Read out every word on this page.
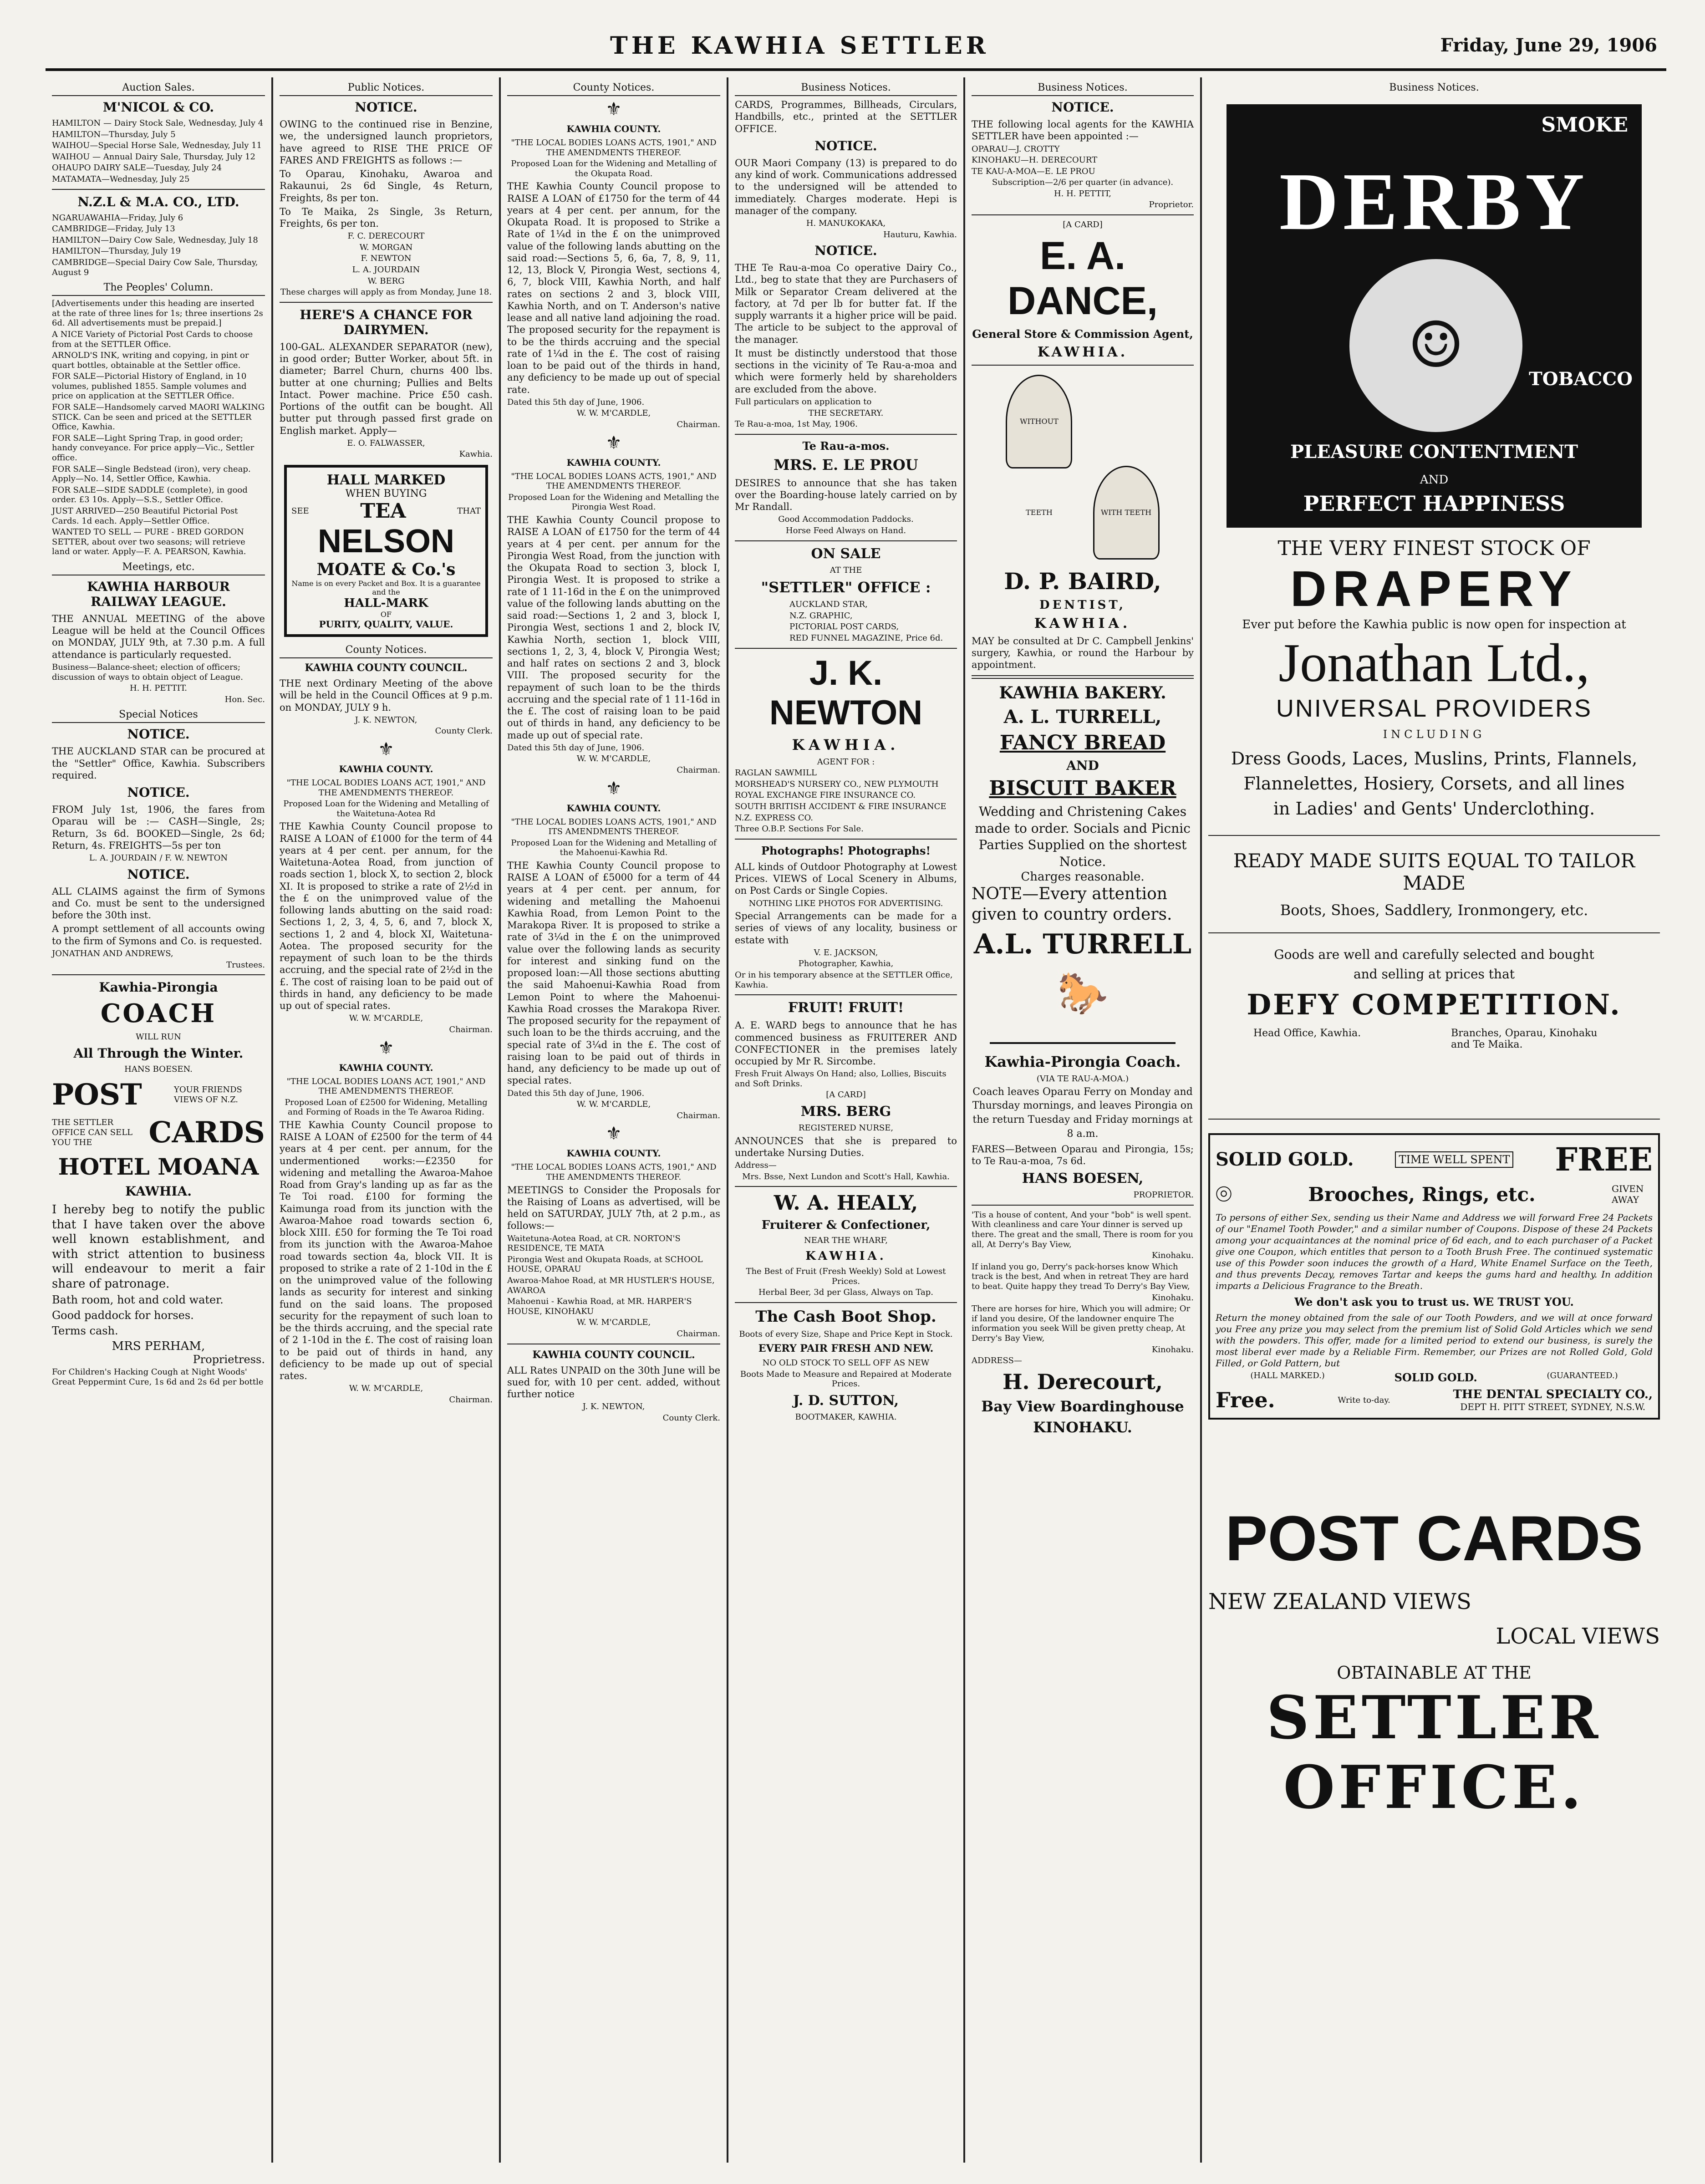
THE KAWHIA SETTLER	Friday, June 29, 1906
Auction Sales.
M'NICOL & CO.
HAMILTON — Dairy Stock Sale, Wednesday, July 4
HAMILTON—Thursday, July 5
WAIHOU—Special Horse Sale, Wednesday, July 11
WAIHOU — Annual Dairy Sale, Thursday, July 12
OHAUPO DAIRY SALE—Tuesday, July 24
MATAMATA—Wednesday, July 25
N.Z.L & M.A. CO., LTD.
NGARUAWAHIA—Friday, July 6
CAMBRIDGE—Friday, July 13
HAMILTON—Dairy Cow Sale, Wednesday, July 18
HAMILTON—Thursday, July 19
CAMBRIDGE—Special Dairy Cow Sale, Thursday, August 9
The Peoples' Column.
[Advertisements under this heading are inserted at the rate of three lines for 1s; three insertions 2s 6d. All advertisements must be prepaid.]
A NICE Variety of Pictorial Post Cards to choose from at the SETTLER Office.
ARNOLD'S INK, writing and copying, in pint or quart bottles, obtainable at the Settler office.
FOR SALE—Pictorial History of England, in 10 volumes, published 1855. Sample volumes and price on application at the SETTLER Office.
FOR SALE—Handsomely carved MAORI WALKING STICK. Can be seen and priced at the SETTLER Office, Kawhia.
FOR SALE—Light Spring Trap, in good order; handy conveyance. For price apply—Vic., Settler office.
FOR SALE—Single Bedstead (iron), very cheap. Apply—No. 14, Settler Office, Kawhia.
FOR SALE—SIDE SADDLE (complete), in good order. £3 10s. Apply—S.S., Settler Office.
JUST ARRIVED—250 Beautiful Pictorial Post Cards. 1d each. Apply—Settler Office.
WANTED TO SELL — PURE - BRED GORDON SETTER, about over two seasons; will retrieve land or water. Apply—F. A. PEARSON, Kawhia.
Meetings, etc.
KAWHIA HARBOUR RAILWAY LEAGUE.
THE ANNUAL MEETING of the above League will be held at the Council Offices on MONDAY, JULY 9th, at 7.30 p.m. A full attendance is particularly requested.
Business—Balance-sheet; election of officers; discussion of ways to obtain object of League.
H. H. PETTIT.
Hon. Sec.
Special Notices
NOTICE.
THE AUCKLAND STAR can be procured at the "Settler" Office, Kawhia. Subscribers required.
NOTICE.
FROM July 1st, 1906, the fares from Oparau will be :— CASH—Single, 2s; Return, 3s 6d. BOOKED—Single, 2s 6d; Return, 4s. FREIGHTS—5s per ton
L. A. JOURDAIN / F. W. NEWTON
NOTICE.
ALL CLAIMS against the firm of Symons and Co. must be sent to the undersigned before the 30th inst.
A prompt settlement of all accounts owing to the firm of Symons and Co. is requested.
JONATHAN AND ANDREWS,
Trustees.
Kawhia-Pirongia
COACH
WILL RUN
All Through the Winter.
HANS BOESEN.
POST	YOUR FRIENDS VIEWS OF N.Z.
THE SETTLER OFFICE CAN SELL YOU THE	CARDS
HOTEL MOANA
KAWHIA.
I hereby beg to notify the public that I have taken over the above well known establishment, and with strict attention to business will endeavour to merit a fair share of patronage.
Bath room, hot and cold water.
Good paddock for horses.
Terms cash.
MRS PERHAM,
Proprietress.
For Children's Hacking Cough at Night Woods' Great Peppermint Cure, 1s 6d and 2s 6d per bottle
Public Notices.
NOTICE.
OWING to the continued rise in Benzine, we, the undersigned launch proprietors, have agreed to RISE THE PRICE OF FARES AND FREIGHTS as follows :—
To Oparau, Kinohaku, Awaroa and Rakaunui, 2s 6d Single, 4s Return, Freights, 8s per ton.
To Te Maika, 2s Single, 3s Return, Freights, 6s per ton.
F. C. DERECOURT
W. MORGAN
F. NEWTON
L. A. JOURDAIN
W. BERG
These charges will apply as from Monday, June 18.
HERE'S A CHANCE FOR DAIRYMEN.
100-GAL. ALEXANDER SEPARATOR (new), in good order; Butter Worker, about 5ft. in diameter; Barrel Churn, churns 400 lbs. butter at one churning; Pullies and Belts Intact. Power machine. Price £50 cash. Portions of the outfit can be bought. All butter put through passed first grade on English market. Apply—
E. O. FALWASSER,
Kawhia.
HALL MARKED
WHEN BUYING
SEE	TEA	THAT
NELSON
MOATE & Co.'s
Name is on every Packet and Box. It is a guarantee and the
HALL-MARK
OF
PURITY, QUALITY, VALUE.
County Notices.
KAWHIA COUNTY COUNCIL.
THE next Ordinary Meeting of the above will be held in the Council Offices at 9 p.m. on MONDAY, JULY 9 h.
J. K. NEWTON,
County Clerk.
⚜
KAWHIA COUNTY.
"THE LOCAL BODIES LOANS ACT, 1901," AND THE AMENDMENTS THEREOF.
Proposed Loan for the Widening and Metalling of the Waitetuna-Aotea Rd
THE Kawhia County Council propose to RAISE A LOAN of £1000 for the term of 44 years at 4 per cent. per annum, for the Waitetuna-Aotea Road, from junction of roads section 1, block X, to section 2, block XI. It is proposed to strike a rate of 2½d in the £ on the unimproved value of the following lands abutting on the said road: Sections 1, 2, 3, 4, 5, 6, and 7, block X, sections 1, 2 and 4, block XI, Waitetuna-Aotea. The proposed security for the repayment of such loan to be the thirds accruing, and the special rate of 2½d in the £. The cost of raising loan to be paid out of thirds in hand, any deficiency to be made up out of special rates.
W. W. M'CARDLE,
Chairman.
⚜
KAWHIA COUNTY.
"THE LOCAL BODIES LOANS ACT, 1901," AND THE AMENDMENTS THEREOF.
Proposed Loan of £2500 for Widening, Metalling and Forming of Roads in the Te Awaroa Riding.
THE Kawhia County Council propose to RAISE A LOAN of £2500 for the term of 44 years at 4 per cent. per annum, for the undermentioned works:—£2350 for widening and metalling the Awaroa-Mahoe Road from Gray's landing up as far as the Te Toi road. £100 for forming the Kaimunga road from its junction with the Awaroa-Mahoe road towards section 6, block XIII. £50 for forming the Te Toi road from its junction with the Awaroa-Mahoe road towards section 4a, block VII. It is proposed to strike a rate of 2 1-10d in the £ on the unimproved value of the following lands as security for interest and sinking fund on the said loans. The proposed security for the repayment of such loan to be the thirds accruing, and the special rate of 2 1-10d in the £. The cost of raising loan to be paid out of thirds in hand, any deficiency to be made up out of special rates.
W. W. M'CARDLE,
Chairman.
County Notices.
⚜
KAWHIA COUNTY.
"THE LOCAL BODIES LOANS ACTS, 1901," AND THE AMENDMENTS THEREOF.
Proposed Loan for the Widening and Metalling of the Okupata Road.
THE Kawhia County Council propose to RAISE A LOAN of £1750 for the term of 44 years at 4 per cent. per annum, for the Okupata Road. It is proposed to Strike a Rate of 1¼d in the £ on the unimproved value of the following lands abutting on the said road:—Sections 5, 6, 6a, 7, 8, 9, 11, 12, 13, Block V, Pirongia West, sections 4, 6, 7, block VIII, Kawhia North, and half rates on sections 2 and 3, block VIII, Kawhia North, and on T. Anderson's native lease and all native land adjoining the road. The proposed security for the repayment is to be the thirds accruing and the special rate of 1¼d in the £. The cost of raising loan to be paid out of the thirds in hand, any deficiency to be made up out of special rate.
Dated this 5th day of June, 1906.
W. W. M'CARDLE,
Chairman.
⚜
KAWHIA COUNTY.
"THE LOCAL BODIES LOANS ACTS, 1901," AND THE AMENDMENTS THEREOF.
Proposed Loan for the Widening and Metalling the Pirongia West Road.
THE Kawhia County Council propose to RAISE A LOAN of £1750 for the term of 44 years at 4 per cent. per annum for the Pirongia West Road, from the junction with the Okupata Road to section 3, block I, Pirongia West. It is proposed to strike a rate of 1 11-16d in the £ on the unimproved value of the following lands abutting on the said road:—Sections 1, 2 and 3, block I, Pirongia West, sections 1 and 2, block IV, Kawhia North, section 1, block VIII, sections 1, 2, 3, 4, block V, Pirongia West; and half rates on sections 2 and 3, block VIII. The proposed security for the repayment of such loan to be the thirds accruing and the special rate of 1 11-16d in the £. The cost of raising loan to be paid out of thirds in hand, any deficiency to be made up out of special rate.
Dated this 5th day of June, 1906.
W. W. M'CARDLE,
Chairman.
⚜
KAWHIA COUNTY.
"THE LOCAL BODIES LOANS ACTS, 1901," AND ITS AMENDMENTS THEREOF.
Proposed Loan for the Widening and Metalling of the Mahoenui-Kawhia Rd.
THE Kawhia County Council propose to RAISE A LOAN of £5000 for a term of 44 years at 4 per cent. per annum, for widening and metalling the Mahoenui Kawhia Road, from Lemon Point to the Marakopa River. It is proposed to strike a rate of 3¼d in the £ on the unimproved value over the following lands as security for interest and sinking fund on the proposed loan:—All those sections abutting the said Mahoenui-Kawhia Road from Lemon Point to where the Mahoenui-Kawhia Road crosses the Marakopa River. The proposed security for the repayment of such loan to be the thirds accruing, and the special rate of 3¼d in the £. The cost of raising loan to be paid out of thirds in hand, any deficiency to be made up out of special rates.
Dated this 5th day of June, 1906.
W. W. M'CARDLE,
Chairman.
⚜
KAWHIA COUNTY.
"THE LOCAL BODIES LOANS ACTS, 1901," AND THE AMENDMENTS THEREOF.
MEETINGS to Consider the Proposals for the Raising of Loans as advertised, will be held on SATURDAY, JULY 7th, at 2 p.m., as follows:—
Waitetuna-Aotea Road, at CR. NORTON'S RESIDENCE, TE MATA
Pirongia West and Okupata Roads, at SCHOOL HOUSE, OPARAU
Awaroa-Mahoe Road, at MR HUSTLER'S HOUSE, AWAROA
Mahoenui - Kawhia Road, at MR. HARPER'S HOUSE, KINOHAKU
W. W. M'CARDLE,
Chairman.
KAWHIA COUNTY COUNCIL.
ALL Rates UNPAID on the 30th June will be sued for, with 10 per cent. added, without further notice
J. K. NEWTON,
County Clerk.
Business Notices.
CARDS, Programmes, Billheads, Circulars, Handbills, etc., printed at the SETTLER OFFICE.
NOTICE.
OUR Maori Company (13) is prepared to do any kind of work. Communications addressed to the undersigned will be attended to immediately. Charges moderate. Hepi is manager of the company.
H. MANUKOKAKA,
Hauturu, Kawhia.
NOTICE.
THE Te Rau-a-moa Co operative Dairy Co., Ltd., beg to state that they are Purchasers of Milk or Separator Cream delivered at the factory, at 7d per lb for butter fat. If the supply warrants it a higher price will be paid. The article to be subject to the approval of the manager.
It must be distinctly understood that those sections in the vicinity of Te Rau-a-moa and which were formerly held by shareholders are excluded from the above.
Full particulars on application to
THE SECRETARY.
Te Rau-a-moa, 1st May, 1906.
Te Rau-a-mos.
MRS. E. LE PROU
DESIRES to announce that she has taken over the Boarding-house lately carried on by Mr Randall.
Good Accommodation Paddocks.
Horse Feed Always on Hand.
ON SALE
AT THE
"SETTLER" OFFICE :
AUCKLAND STAR,
N.Z. GRAPHIC,
PICTORIAL POST CARDS,
RED FUNNEL MAGAZINE, Price 6d.
J. K. NEWTON
KAWHIA.
AGENT FOR :
RAGLAN SAWMILL
MORSHEAD'S NURSERY CO., NEW PLYMOUTH
ROYAL EXCHANGE FIRE INSURANCE CO.
SOUTH BRITISH ACCIDENT & FIRE INSURANCE
N.Z. EXPRESS CO.
Three O.B.P. Sections For Sale.
Photographs! Photographs!
ALL kinds of Outdoor Photography at Lowest Prices. VIEWS of Local Scenery in Albums, on Post Cards or Single Copies.
NOTHING LIKE PHOTOS FOR ADVERTISING.
Special Arrangements can be made for a series of views of any locality, business or estate with
V. E. JACKSON,
Photographer, Kawhia,
Or in his temporary absence at the SETTLER Office, Kawhia.
FRUIT! FRUIT!
A. E. WARD begs to announce that he has commenced business as FRUITERER AND CONFECTIONER in the premises lately occupied by Mr R. Sircombe.
Fresh Fruit Always On Hand; also, Lollies, Biscuits and Soft Drinks.
[A CARD]
MRS. BERG
REGISTERED NURSE,
ANNOUNCES that she is prepared to undertake Nursing Duties.
Address—
Mrs. Bsse, Next Lundon and Scott's Hall, Kawhia.
W. A. HEALY,
Fruiterer & Confectioner,
NEAR THE WHARF,
KAWHIA.
The Best of Fruit (Fresh Weekly) Sold at Lowest Prices.
Herbal Beer, 3d per Glass, Always on Tap.
The Cash Boot Shop.
Boots of every Size, Shape and Price Kept in Stock.
EVERY PAIR FRESH AND NEW.
NO OLD STOCK TO SELL OFF AS NEW
Boots Made to Measure and Repaired at Moderate Prices.
J. D. SUTTON,
BOOTMAKER, KAWHIA.
Business Notices.
NOTICE.
THE following local agents for the KAWHIA SETTLER have been appointed :—
OPARAU—J. CROTTY
KINOHAKU—H. DERECOURT
TE KAU-A-MOA—E. LE PROU
Subscription—2/6 per quarter (in advance).
H. H. PETTIT,
Proprietor.
[A CARD]
E. A. DANCE,
General Store & Commission Agent,
KAWHIA.
WITHOUT TEETH	WITH TEETH
D. P. BAIRD,
DENTIST,
KAWHIA.
MAY be consulted at Dr C. Campbell Jenkins' surgery, Kawhia, or round the Harbour by appointment.
KAWHIA BAKERY.
A. L. TURRELL,
FANCY BREAD
AND
BISCUIT BAKER
Wedding and Christening Cakes made to order. Socials and Picnic Parties Supplied on the shortest Notice.
Charges reasonable.
NOTE—Every attention given to country orders.
A.L. TURRELL
🐎
Kawhia-Pirongia Coach.
(VIA TE RAU-A-MOA.)
Coach leaves Oparau Ferry on Monday and Thursday mornings, and leaves Pirongia on the return Tuesday and Friday mornings at 8 a.m.
FARES—Between Oparau and Pirongia, 15s; to Te Rau-a-moa, 7s 6d.
HANS BOESEN,
PROPRIETOR.
'Tis a house of content, And your "bob" is well spent. With cleanliness and care Your dinner is served up there. The great and the small, There is room for you all, At Derry's Bay View,
Kinohaku.
If inland you go, Derry's pack-horses know Which track is the best, And when in retreat They are hard to beat. Quite happy they tread To Derry's Bay View,
Kinohaku.
There are horses for hire, Which you will admire; Or if land you desire, Of the landowner enquire The information you seek Will be given pretty cheap, At Derry's Bay View,
Kinohaku.
ADDRESS—
H. Derecourt,
Bay View Boardinghouse
KINOHAKU.
Business Notices.
SMOKE
DERBY
☺	TOBACCO
PLEASURE CONTENTMENT
AND
PERFECT HAPPINESS
THE VERY FINEST STOCK OF
DRAPERY
Ever put before the Kawhia public is now open for inspection at
Jonathan Ltd.,
UNIVERSAL PROVIDERS
INCLUDING
Dress Goods, Laces, Muslins, Prints, Flannels,
Flannelettes, Hosiery, Corsets, and all lines
in Ladies' and Gents' Underclothing.
READY MADE SUITS EQUAL TO TAILOR MADE
Boots, Shoes, Saddlery, Ironmongery, etc.
Goods are well and carefully selected and bought
and selling at prices that
DEFY COMPETITION.
Head Office, Kawhia.	Branches, Oparau, Kinohaku and Te Maika.
SOLID GOLD.	TIME WELL SPENT FREE
⌾	Brooches, Rings, etc.	GIVEN AWAY
To persons of either Sex, sending us their Name and Address we will forward Free 24 Packets of our "Enamel Tooth Powder," and a similar number of Coupons. Dispose of these 24 Packets among your acquaintances at the nominal price of 6d each, and to each purchaser of a Packet give one Coupon, which entitles that person to a Tooth Brush Free. The continued systematic use of this Powder soon induces the growth of a Hard, White Enamel Surface on the Teeth, and thus prevents Decay, removes Tartar and keeps the gums hard and healthy. In addition imparts a Delicious Fragrance to the Breath.
We don't ask you to trust us. WE TRUST YOU.
Return the money obtained from the sale of our Tooth Powders, and we will at once forward you Free any prize you may select from the premium list of Solid Gold Articles which we send with the powders. This offer, made for a limited period to extend our business, is surely the most liberal ever made by a Reliable Firm. Remember, our Prizes are not Rolled Gold, Gold Filled, or Gold Pattern, but
(HALL MARKED.)	SOLID GOLD.	(GUARANTEED.)
Free.	Write to-day.	THE DENTAL SPECIALTY CO.,
DEPT H. PITT STREET, SYDNEY, N.S.W.
POST CARDS
NEW ZEALAND VIEWS
LOCAL VIEWS
OBTAINABLE AT THE
SETTLER OFFICE.
